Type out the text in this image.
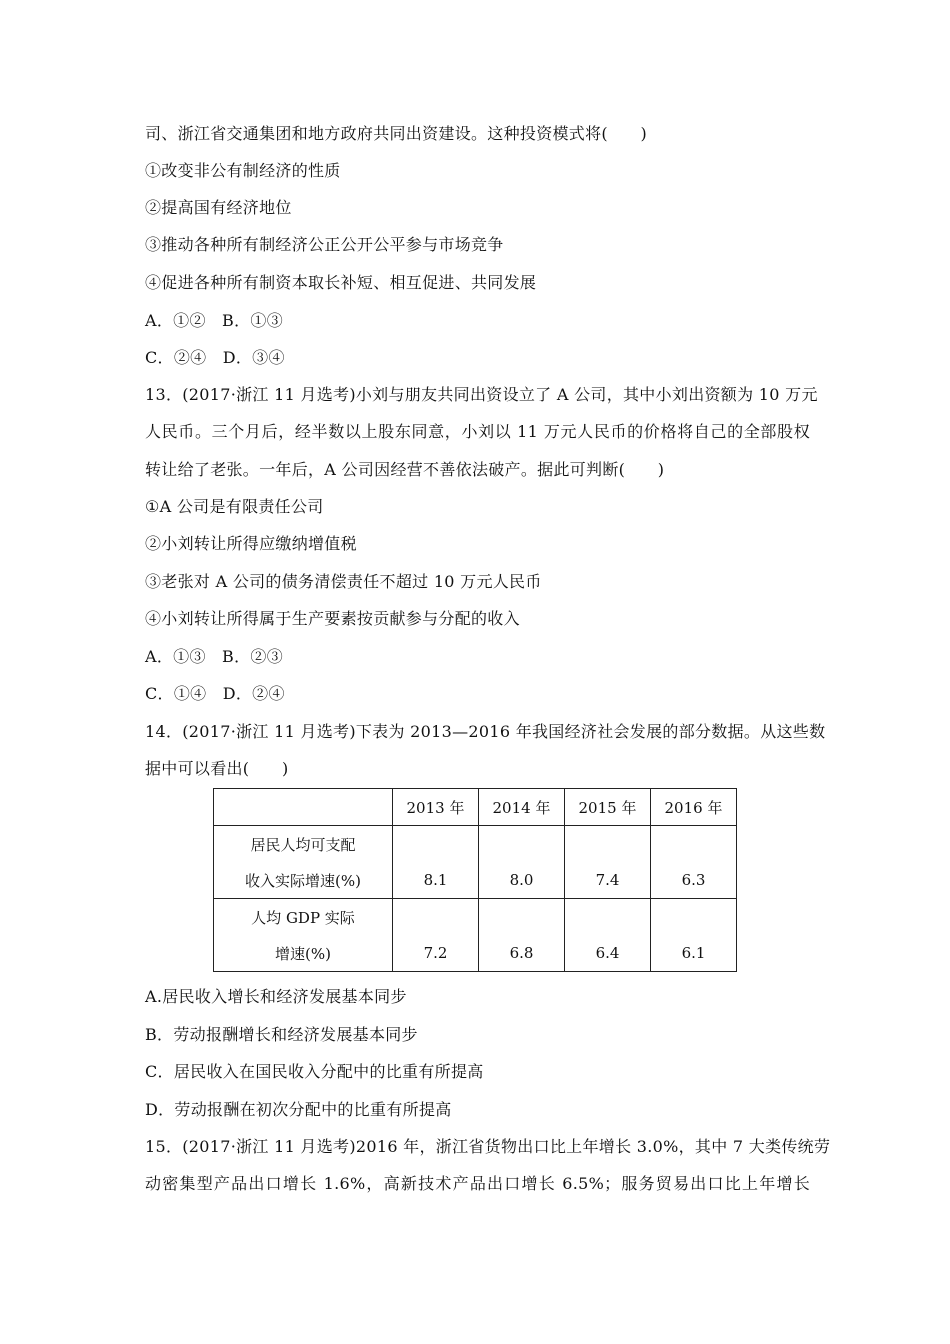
司、浙江省交通集团和地方政府共同出资建设。这种投资模式将(　　)
①改变非公有制经济的性质
②提高国有经济地位
③推动各种所有制经济公正公开公平参与市场竞争
④促进各种所有制资本取长补短、相互促进、共同发展
A．①②　B．①③
C．②④　D．③④
13．(2017·浙江 11 月选考)小刘与朋友共同出资设立了 A 公司，其中小刘出资额为 10 万元
人民币。三个月后，经半数以上股东同意，小刘以 11 万元人民币的价格将自己的全部股权
转让给了老张。一年后，A 公司因经营不善依法破产。据此可判断(　　)
①A 公司是有限责任公司
②小刘转让所得应缴纳增值税
③老张对 A 公司的债务清偿责任不超过 10 万元人民币
④小刘转让所得属于生产要素按贡献参与分配的收入
A．①③　B．②③
C．①④　D．②④
14．(2017·浙江 11 月选考)下表为 2013—2016 年我国经济社会发展的部分数据。从这些数
据中可以看出(　　)
	2013 年	2014 年	2015 年	2016 年
居民人均可支配				
收入实际增速(%)	8.1	8.0	7.4	6.3
人均 GDP 实际				
增速(%)	7.2	6.8	6.4	6.1
A.居民收入增长和经济发展基本同步
B．劳动报酬增长和经济发展基本同步
C．居民收入在国民收入分配中的比重有所提高
D．劳动报酬在初次分配中的比重有所提高
15．(2017·浙江 11 月选考)2016 年，浙江省货物出口比上年增长 3.0%，其中 7 大类传统劳
动密集型产品出口增长 1.6%，高新技术产品出口增长 6.5%；服务贸易出口比上年增长
